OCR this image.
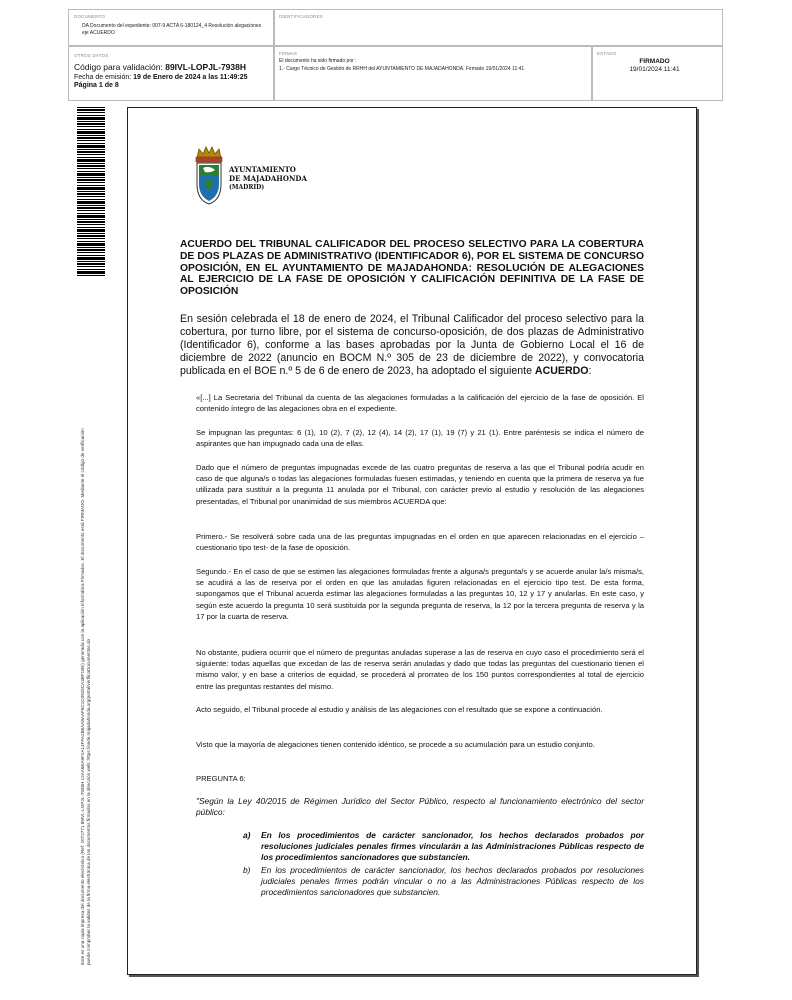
DOCUMENTO
DA Documento del expediente: 007-9 ACTA 6-180124_4 Resolución alegaciones eje ACUERDO
IDENTIFICADORES
OTROS DATOS
Código para validación: 89IVL-LOPJL-7938H
Fecha de emisión: 19 de Enero de 2024 a las 11:49:25
Página 1 de 8
FIRMAS
El documento ha sido firmado por :
1.- Cargo Técnico de Gestión de RRHH del AYUNTAMIENTO DE MAJADAHONDA. Firmado 19/01/2024 11:41
ESTADO
FIRMADO
19/01/2024 11:41
Este es una copia impresa del documento electrónico (Ref: 2072771 89IVL-LOPJL-7938H 12AA6EA9F2A14FFA2B6AA8AAF6C1C0925CA3BF1BE) generada con la aplicación informática Firmadoc. El documento está FIRMADO. Mediante el código de verificación puede comprobar la validez de la firma electrónica de los documentos firmados en la dirección web: https://sede.majadahonda.org/portal/verificaDocumentos.do
AYUNTAMIENTO
DE MAJADAHONDA
(MADRID)
ACUERDO DEL TRIBUNAL CALIFICADOR DEL PROCESO SELECTIVO PARA LA COBERTURA DE DOS PLAZAS DE ADMINISTRATIVO (IDENTIFICADOR 6), POR EL SISTEMA DE CONCURSO OPOSICIÓN, EN EL AYUNTAMIENTO DE MAJADAHONDA: RESOLUCIÓN DE ALEGACIONES AL EJERCICIO DE LA FASE DE OPOSICIÓN Y CALIFICACIÓN DEFINITIVA DE LA FASE DE OPOSICIÓN
En sesión celebrada el 18 de enero de 2024, el Tribunal Calificador del proceso selectivo para la cobertura, por turno libre, por el sistema de concurso-oposición, de dos plazas de Administrativo (Identificador 6), conforme a las bases aprobadas por la Junta de Gobierno Local el 16 de diciembre de 2022 (anuncio en BOCM N.º 305 de 23 de diciembre de 2022), y convocatoria publicada en el BOE n.º 5 de 6 de enero de 2023, ha adoptado el siguiente ACUERDO:
«[...] La Secretaria del Tribunal da cuenta de las alegaciones formuladas a la calificación del ejercicio de la fase de oposición. El contenido íntegro de las alegaciones obra en el expediente.
Se impugnan las preguntas: 6 (1), 10 (2), 7 (2), 12 (4), 14 (2), 17 (1), 19 (7) y 21 (1). Entre paréntesis se indica el número de aspirantes que han impugnado cada una de ellas.
Dado que el número de preguntas impugnadas excede de las cuatro preguntas de reserva a las que el Tribunal podría acudir en caso de que alguna/s o todas las alegaciones formuladas fuesen estimadas, y teniendo en cuenta que la primera de reserva ya fue utilizada para sustituir a la pregunta 11 anulada por el Tribunal, con carácter previo al estudio y resolución de las alegaciones presentadas, el Tribunal por unanimidad de sus miembros ACUERDA que:
Primero.- Se resolverá sobre cada una de las preguntas impugnadas en el orden en que aparecen relacionadas en el ejercicio –cuestionario tipo test- de la fase de oposición.
Segundo.- En el caso de que se estimen las alegaciones formuladas frente a alguna/s pregunta/s y se acuerde anular la/s misma/s, se acudirá a las de reserva por el orden en que las anuladas figuren relacionadas en el ejercicio tipo test. De esta forma, supongamos que el Tribunal acuerda estimar las alegaciones formuladas a las preguntas 10, 12 y 17 y anularlas. En este caso, y según este acuerdo la pregunta 10 será sustituida por la segunda pregunta de reserva, la 12 por la tercera pregunta de reserva y la 17 por la cuarta de reserva.
No obstante, pudiera ocurrir que el número de preguntas anuladas superase a las de reserva en cuyo caso el procedimiento será el siguiente: todas aquellas que excedan de las de reserva serán anuladas y dado que todas las preguntas del cuestionario tienen el mismo valor, y en base a criterios de equidad, se procederá al prorrateo de los 150 puntos correspondientes al total de ejercicio entre las preguntas restantes del mismo.
Acto seguido, el Tribunal procede al estudio y análisis de las alegaciones con el resultado que se expone a continuación.
Visto que la mayoría de alegaciones tienen contenido idéntico, se procede a su acumulación para un estudio conjunto.
PREGUNTA 6:
"Según la Ley 40/2015 de Régimen Jurídico del Sector Público, respecto al funcionamiento electrónico del sector público:
a) En los procedimientos de carácter sancionador, los hechos declarados probados por resoluciones judiciales penales firmes vincularán a las Administraciones Públicas respecto de los procedimientos sancionadores que substancien.
b) En los procedimientos de carácter sancionador, los hechos declarados probados por resoluciones judiciales penales firmes podrán vincular o no a las Administraciones Públicas respecto de los procedimientos sancionadores que substancien.
